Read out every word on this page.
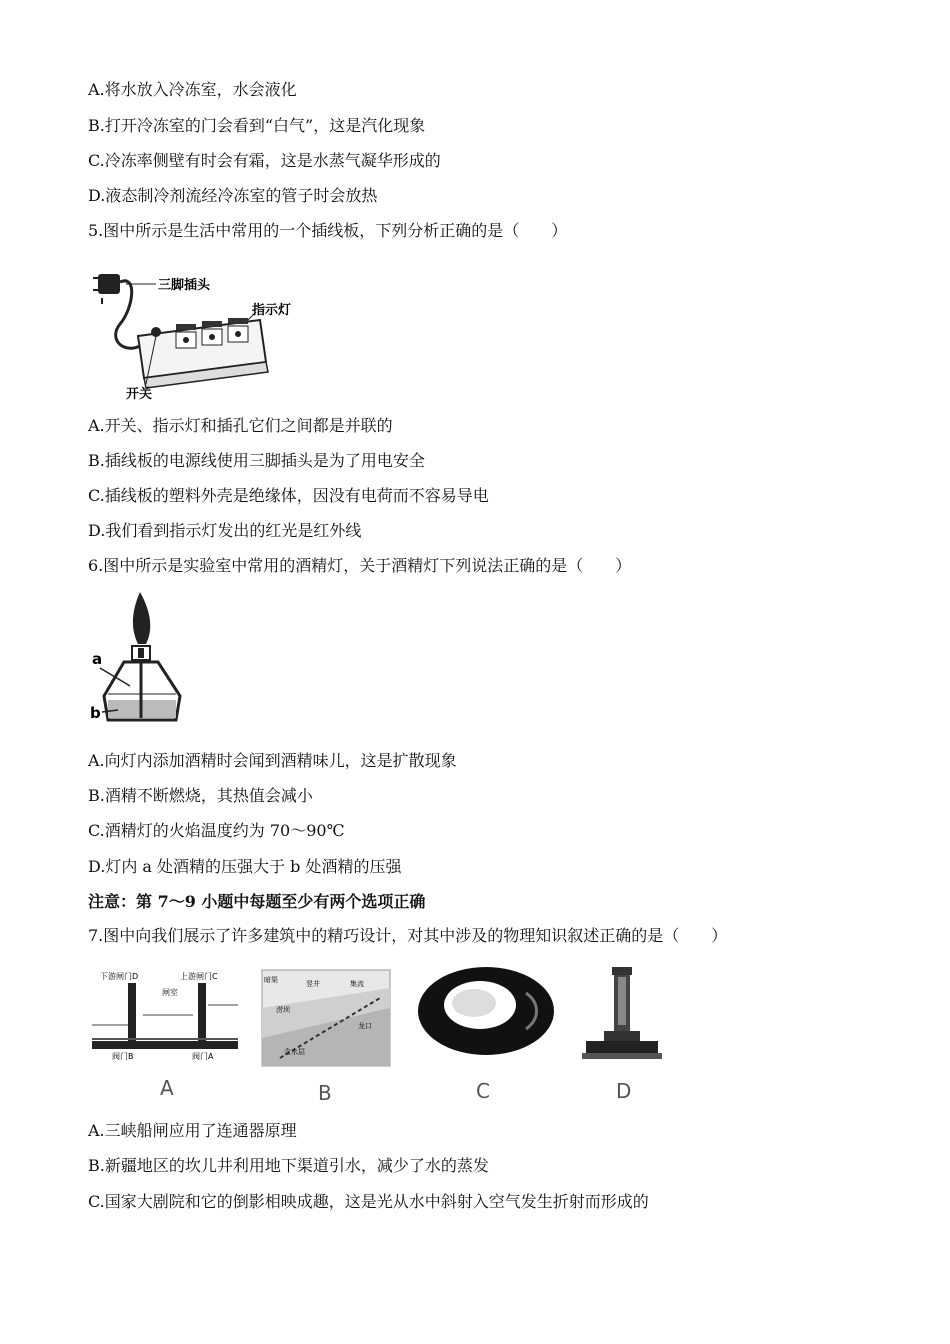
A.将水放入冷冻室，水会液化
B.打开冷冻室的门会看到“白气”，这是汽化现象
C.冷冻率侧壁有时会有霜，这是水蒸气凝华形成的
D.液态制冷剂流经冷冻室的管子时会放热
5.图中所示是生活中常用的一个插线板，下列分析正确的是（　　）
三脚插头
开关
指示灯
A.开关、指示灯和插孔它们之间都是并联的
B.插线板的电源线使用三脚插头是为了用电安全
C.插线板的塑料外壳是绝缘体，因没有电荷而不容易导电
D.我们看到指示灯发出的红光是红外线
6.图中所示是实验室中常用的酒精灯，关于酒精灯下列说法正确的是（　　）
a
b
A.向灯内添加酒精时会闻到酒精味儿，这是扩散现象
B.酒精不断燃烧，其热值会减小
C.酒精灯的火焰温度约为 70～90℃
D.灯内 a 处酒精的压强大于 b 处酒精的压强
注意：第 7～9 小题中每题至少有两个选项正确
7.图中向我们展示了许多建筑中的精巧设计，对其中涉及的物理知识叙述正确的是（　　）
下游闸门D	上游闸门C
闸室
阀门B	阀门A
A
暗渠	竖井	集流
涝坝
龙口
含水层
B	C	D
A.三峡船闸应用了连通器原理
B.新疆地区的坎儿井利用地下渠道引水，减少了水的蒸发
C.国家大剧院和它的倒影相映成趣，这是光从水中斜射入空气发生折射而形成的
